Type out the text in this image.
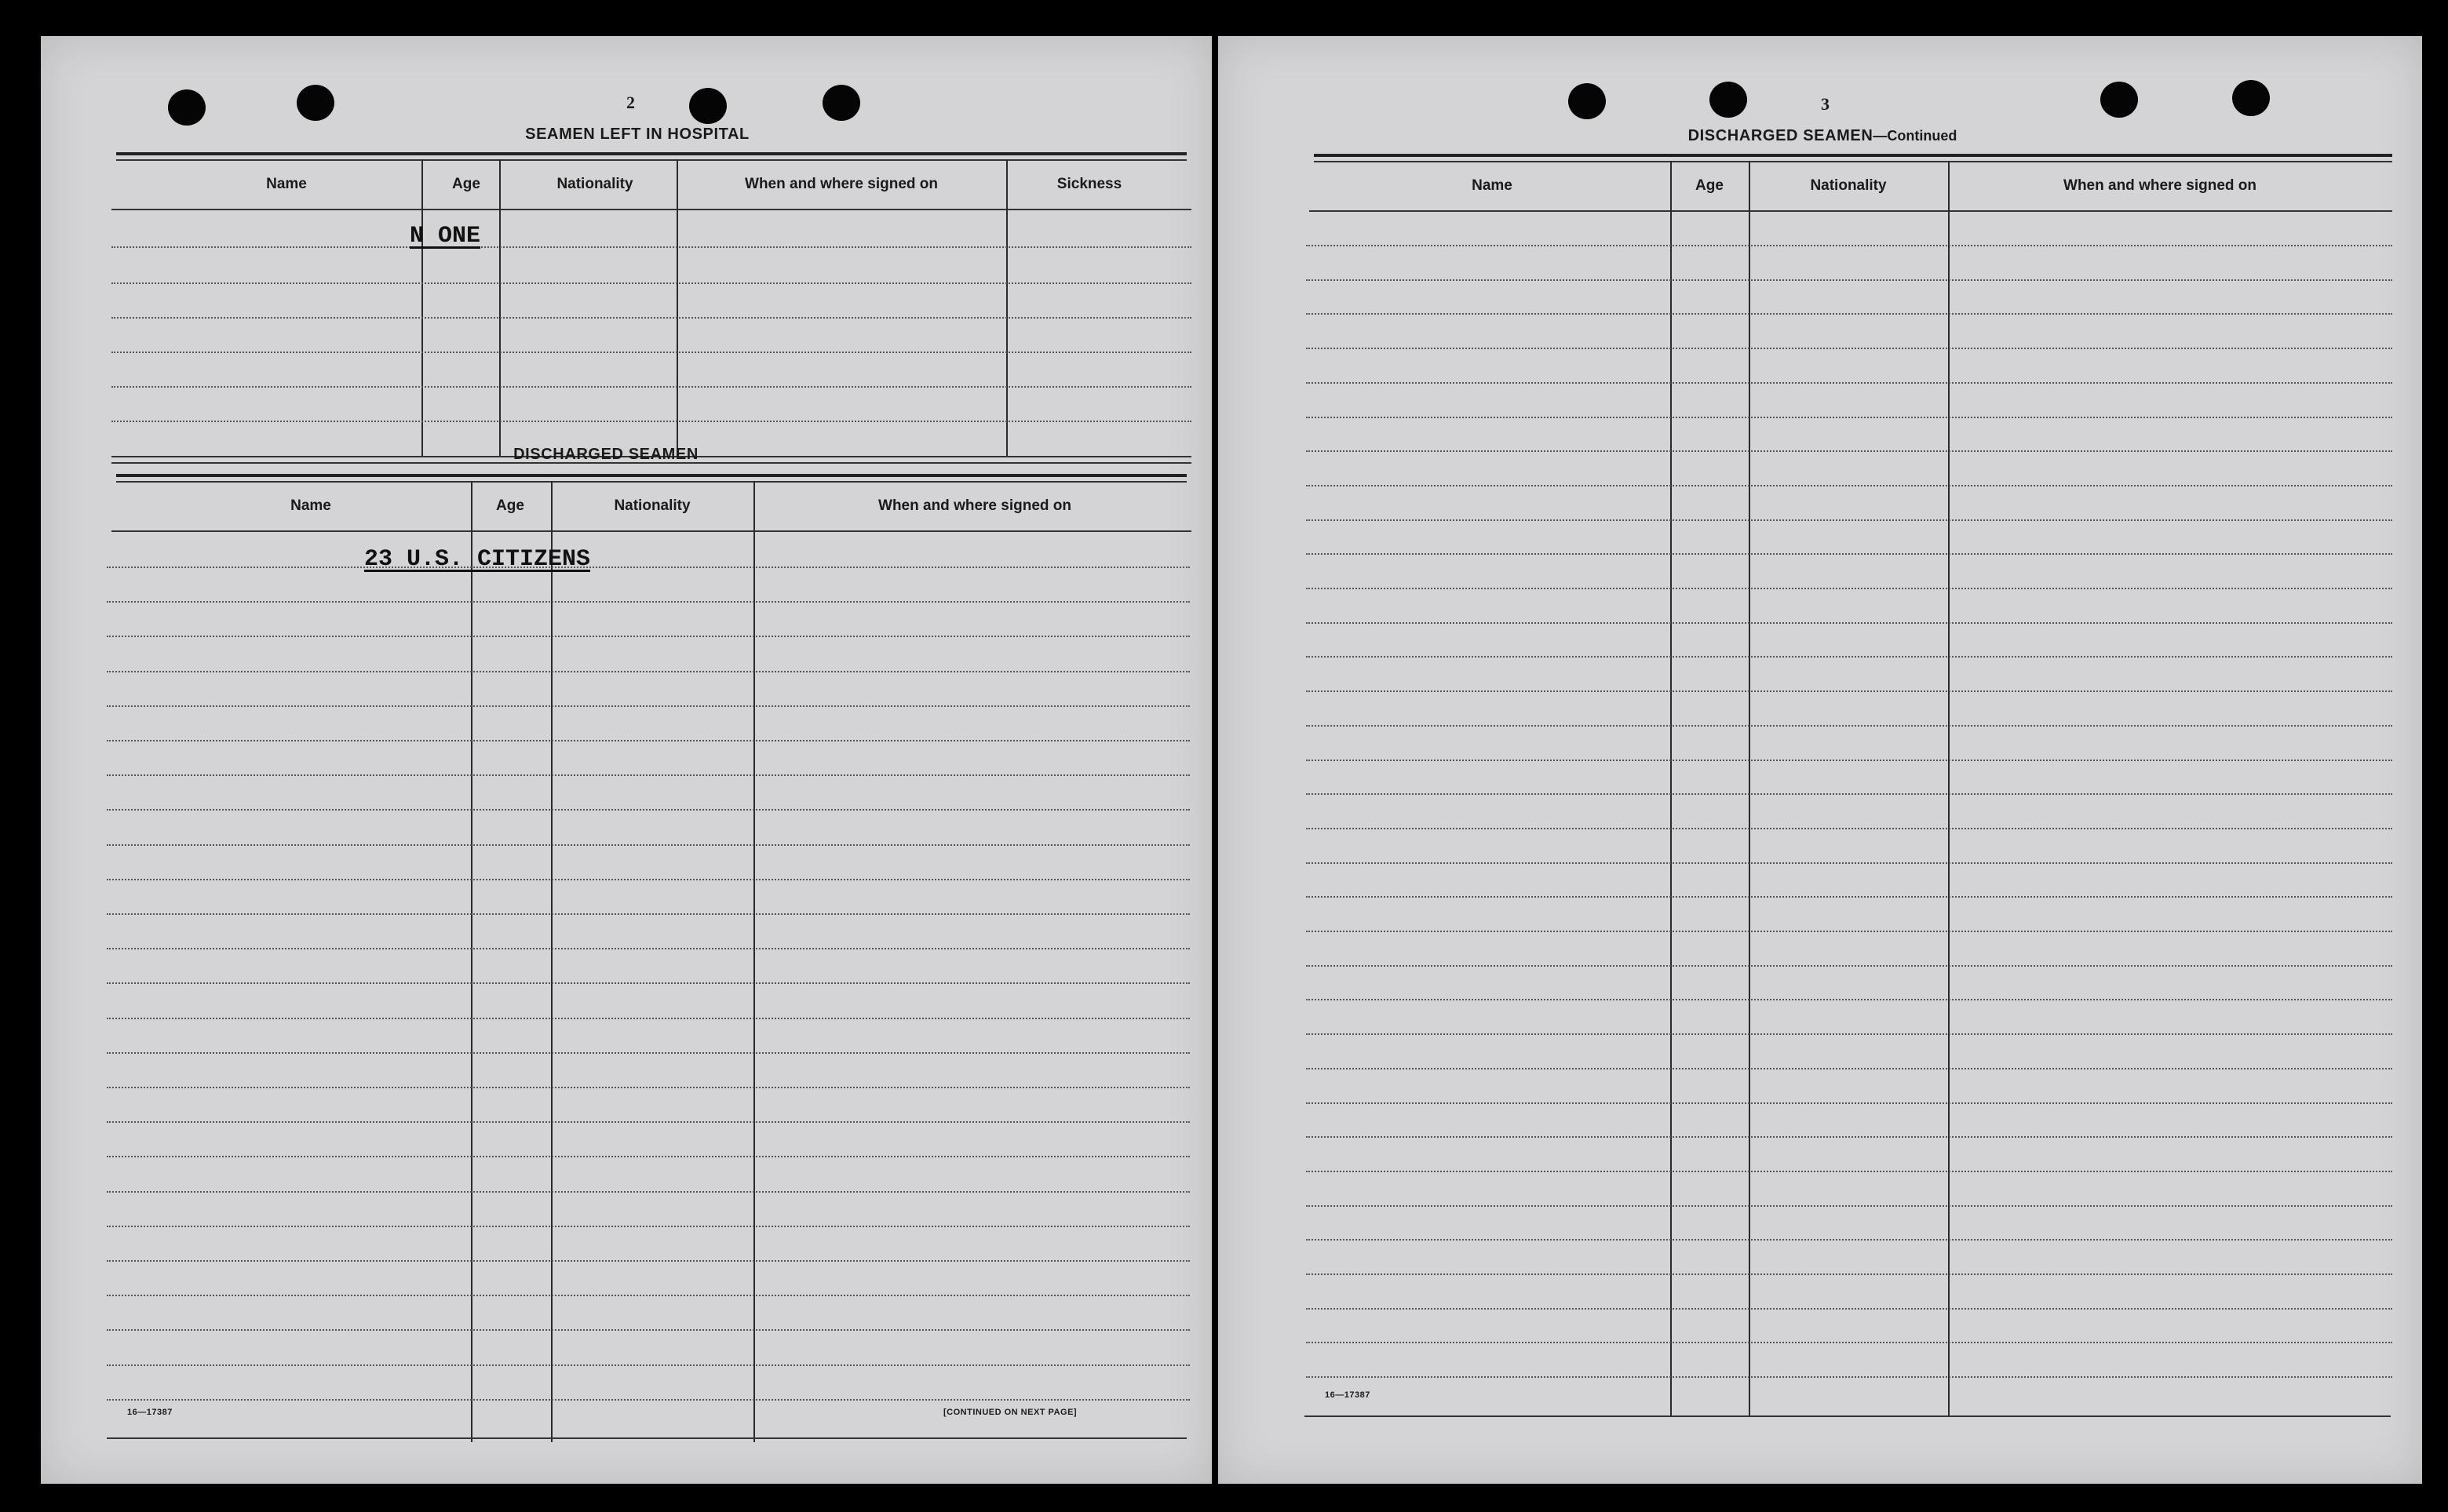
2
SEAMEN LEFT IN HOSPITAL
Name	Age	Nationality	When and where signed on	Sickness
N ONE
DISCHARGED SEAMEN
Name	Age	Nationality	When and where signed on
23 U.S. CITIZENS
16—17387	[CONTINUED ON NEXT PAGE]
3
DISCHARGED SEAMEN—Continued
Name	Age	Nationality	When and where signed on
16—17387
